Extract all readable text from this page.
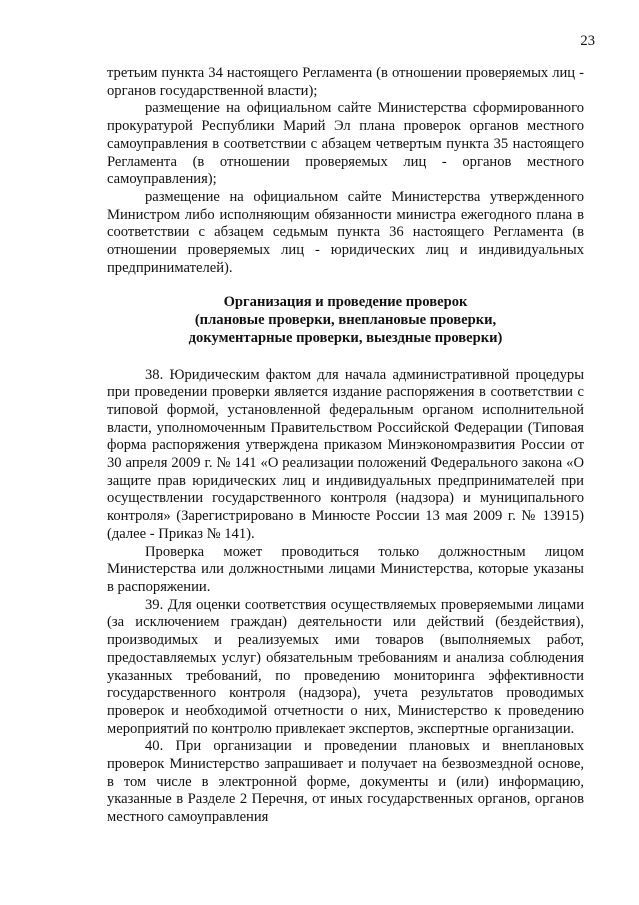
23

третьим пункта 34 настоящего Регламента (в отношении проверяемых лиц - органов государственной власти);

размещение на официальном сайте Министерства сформированного прокуратурой Республики Марий Эл плана проверок органов местного самоуправления в соответствии с абзацем четвертым пункта 35 настоящего Регламента (в отношении проверяемых лиц - органов местного самоуправления);

размещение на официальном сайте Министерства утвержденного Министром либо исполняющим обязанности министра ежегодного плана в соответствии с абзацем седьмым пункта 36 настоящего Регламента (в отношении проверяемых лиц - юридических лиц и индивидуальных предпринимателей).

Организация и проведение проверок

(плановые проверки, внеплановые проверки,

документарные проверки, выездные проверки)

38. Юридическим фактом для начала административной процедуры при проведении проверки является издание распоряжения в соответствии с типовой формой, установленной федеральным органом исполнительной власти, уполномоченным Правительством Российской Федерации (Типовая форма распоряжения утверждена приказом Минэкономразвития России от 30 апреля 2009 г. № 141 «О реализации положений Федерального закона «О защите прав юридических лиц и индивидуальных предпринимателей при осуществлении государственного контроля (надзора) и муниципального контроля» (Зарегистрировано в Минюсте России 13 мая 2009 г. № 13915) (далее - Приказ № 141).

Проверка может проводиться только должностным лицом Министерства или должностными лицами Министерства, которые указаны в распоряжении.

39. Для оценки соответствия осуществляемых проверяемыми лицами (за исключением граждан) деятельности или действий (бездействия), производимых и реализуемых ими товаров (выполняемых работ, предоставляемых услуг) обязательным требованиям и анализа соблюдения указанных требований, по проведению мониторинга эффективности государственного контроля (надзора), учета результатов проводимых проверок и необходимой отчетности о них, Министерство к проведению мероприятий по контролю привлекает экспертов, экспертные организации.

40. При организации и проведении плановых и внеплановых проверок Министерство запрашивает и получает на безвозмездной основе, в том числе в электронной форме, документы и (или) информацию, указанные в Разделе 2 Перечня, от иных государственных органов, органов местного самоуправления
